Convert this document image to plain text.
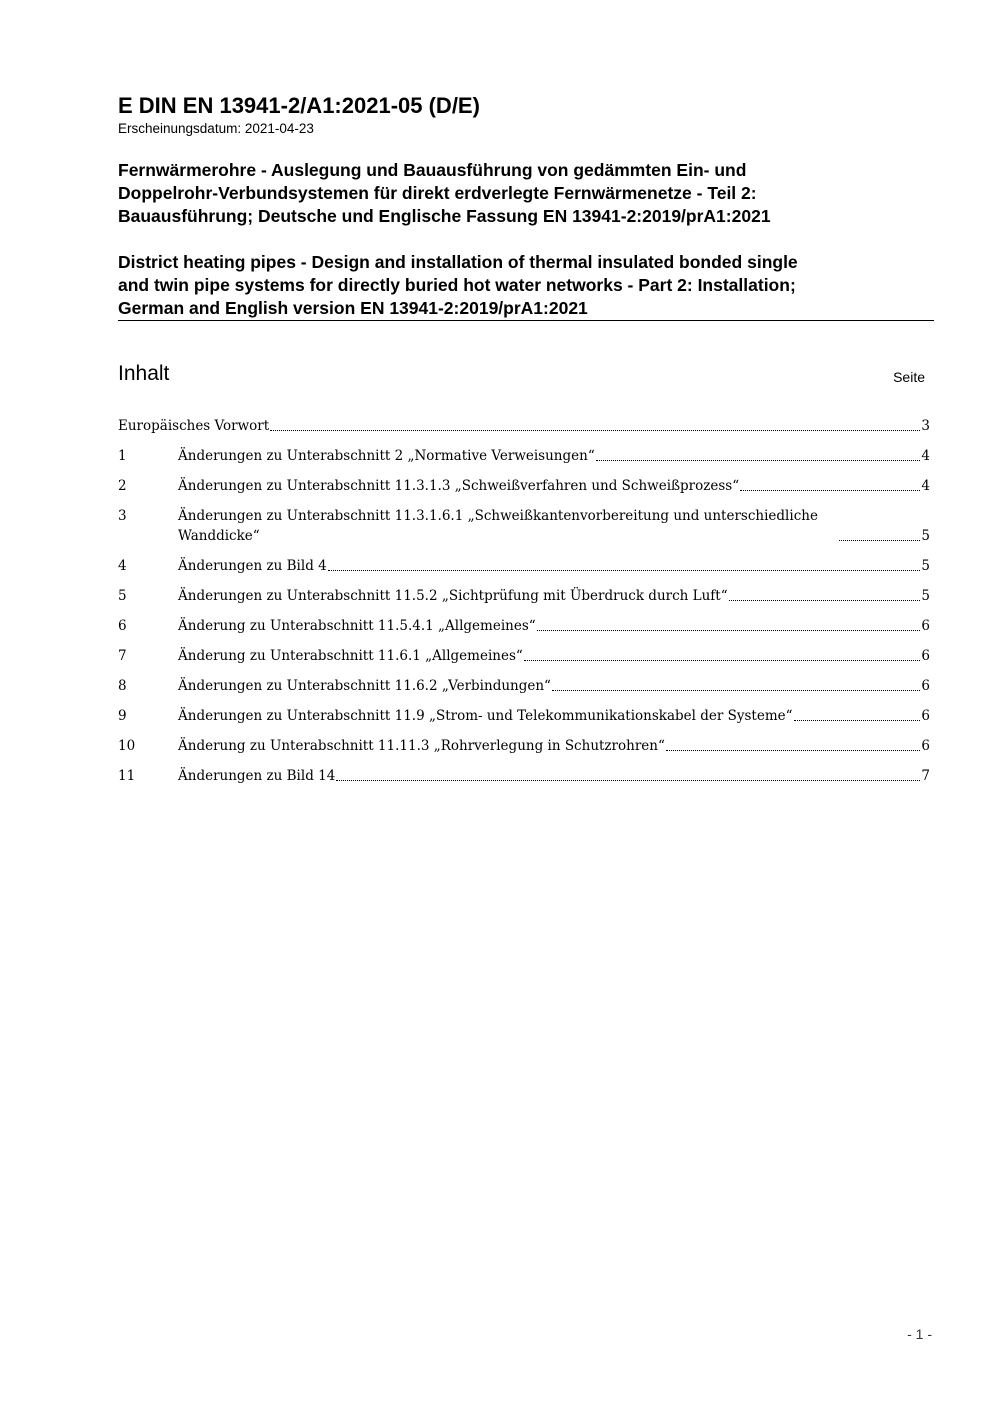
E DIN EN 13941-2/A1:2021-05 (D/E)
Erscheinungsdatum: 2021-04-23
Fernwärmerohre - Auslegung und Bauausführung von gedämmten Ein- und
Doppelrohr-Verbundsystemen für direkt erdverlegte Fernwärmenetze - Teil 2:
Bauausführung; Deutsche und Englische Fassung EN 13941-2:2019/prA1:2021
District heating pipes - Design and installation of thermal insulated bonded single
and twin pipe systems for directly buried hot water networks - Part 2: Installation;
German and English version EN 13941-2:2019/prA1:2021
Inhalt	Seite
Europäisches Vorwort	3
1	Änderungen zu Unterabschnitt 2 „Normative Verweisungen“	4
2	Änderungen zu Unterabschnitt 11.3.1.3 „Schweißverfahren und Schweißprozess“	4
3	Änderungen zu Unterabschnitt 11.3.1.6.1 „Schweißkantenvorbereitung und unterschiedliche Wanddicke“	5
4	Änderungen zu Bild 4	5
5	Änderungen zu Unterabschnitt 11.5.2 „Sichtprüfung mit Überdruck durch Luft“	5
6	Änderung zu Unterabschnitt 11.5.4.1 „Allgemeines“	6
7	Änderung zu Unterabschnitt 11.6.1 „Allgemeines“	6
8	Änderungen zu Unterabschnitt 11.6.2 „Verbindungen“	6
9	Änderungen zu Unterabschnitt 11.9 „Strom- und Telekommunikationskabel der Systeme“	6
10	Änderung zu Unterabschnitt 11.11.3 „Rohrverlegung in Schutzrohren“	6
11	Änderungen zu Bild 14	7
- 1 -
